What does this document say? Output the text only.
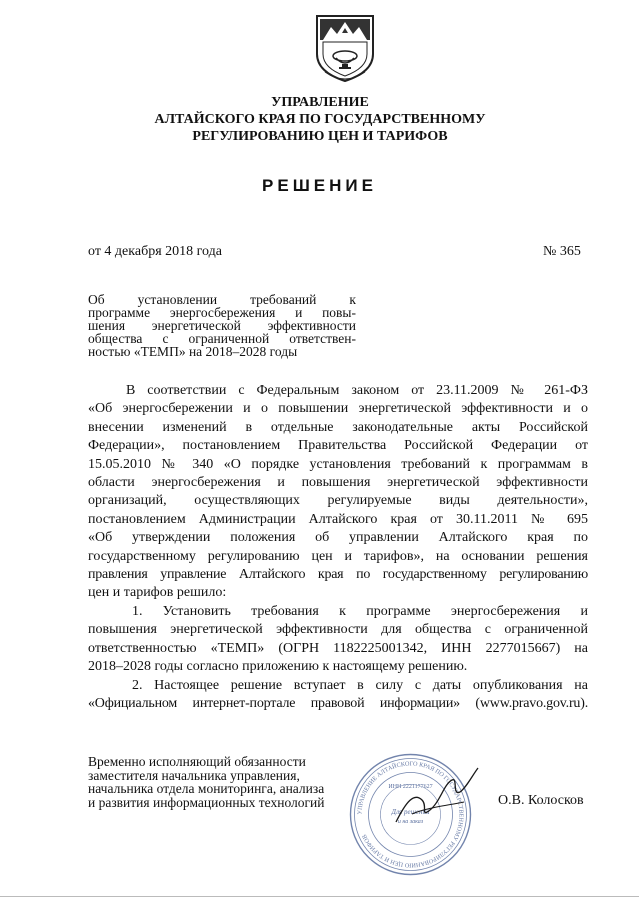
УПРАВЛЕНИЕ
АЛТАЙСКОГО КРАЯ ПО ГОСУДАРСТВЕННОМУ
РЕГУЛИРОВАНИЮ ЦЕН И ТАРИФОВ
РЕШЕНИЕ
от 4 декабря 2018 года	№ 365
Об установлении требований к
программе энергосбережения и повы-
шения энергетической эффективности
общества с ограниченной ответствен-
ностью «ТЕМП» на 2018–2028 годы
В соответствии с Федеральным законом от 23.11.2009 № 261-ФЗ
«Об энергосбережении и о повышении энергетической эффективности и о
внесении изменений в отдельные законодательные акты Российской
Федерации», постановлением Правительства Российской Федерации от
15.05.2010 № 340 «О порядке установления требований к программам в
области энергосбережения и повышения энергетической эффективности
организаций, осуществляющих регулируемые виды деятельности»,
постановлением Администрации Алтайского края от 30.11.2011 № 695
«Об утверждении положения об управлении Алтайского края по
государственному регулированию цен и тарифов», на основании решения
правления управление Алтайского края по государственному регулированию
цен и тарифов решило:
1. Установить требования к программе энергосбережения и
повышения энергетической эффективности для общества с ограниченной
ответственностью «ТЕМП» (ОГРН 1182225001342, ИНН 2277015667) на
2018–2028 годы согласно приложению к настоящему решению.
2. Настоящее решение вступает в силу с даты опубликования на
«Официальном интернет-портале правовой информации» (www.pravo.gov.ru).
Временно исполняющий обязанности
заместителя начальника управления,
начальника отдела мониторинга, анализа
и развития информационных технологий
УПРАВЛЕНИЕ АЛТАЙСКОГО КРАЯ ПО ГОСУДАРСТВЕННОМУ РЕГУЛИРОВАНИЮ ЦЕН И ТАРИФОВ
ИНН 2221177627
Для решений
и на заказ
О.В. Колосков
